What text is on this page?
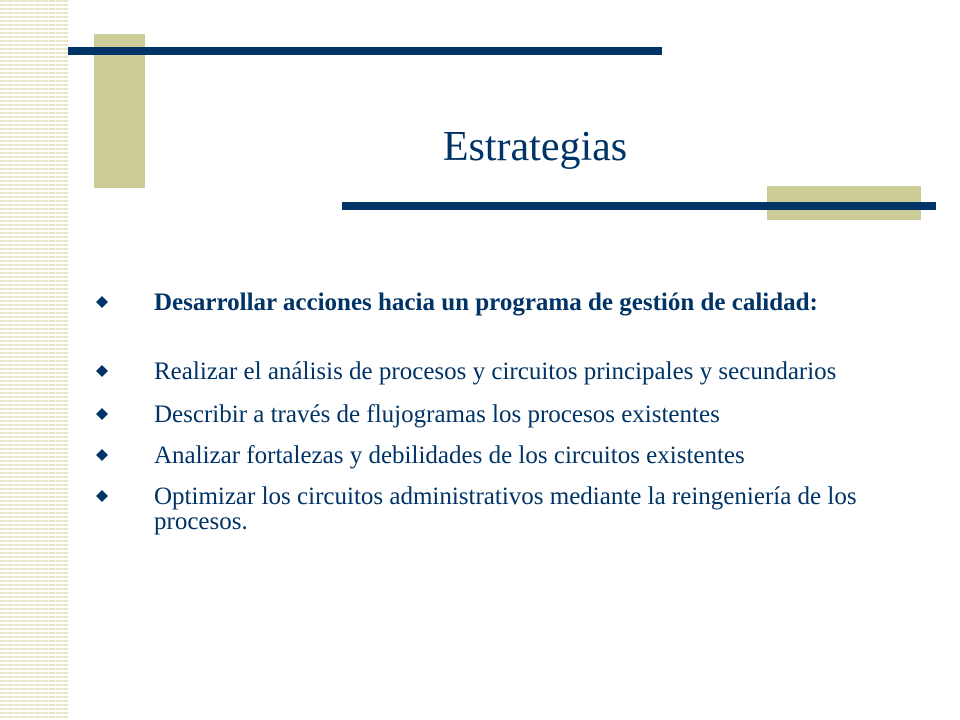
Estrategias
Desarrollar acciones hacia un programa de gestión de calidad:
Realizar el análisis de procesos y circuitos principales y secundarios
Describir a través de flujogramas los procesos existentes
Analizar fortalezas y debilidades de los circuitos existentes
Optimizar los circuitos administrativos mediante la reingeniería de los procesos.
